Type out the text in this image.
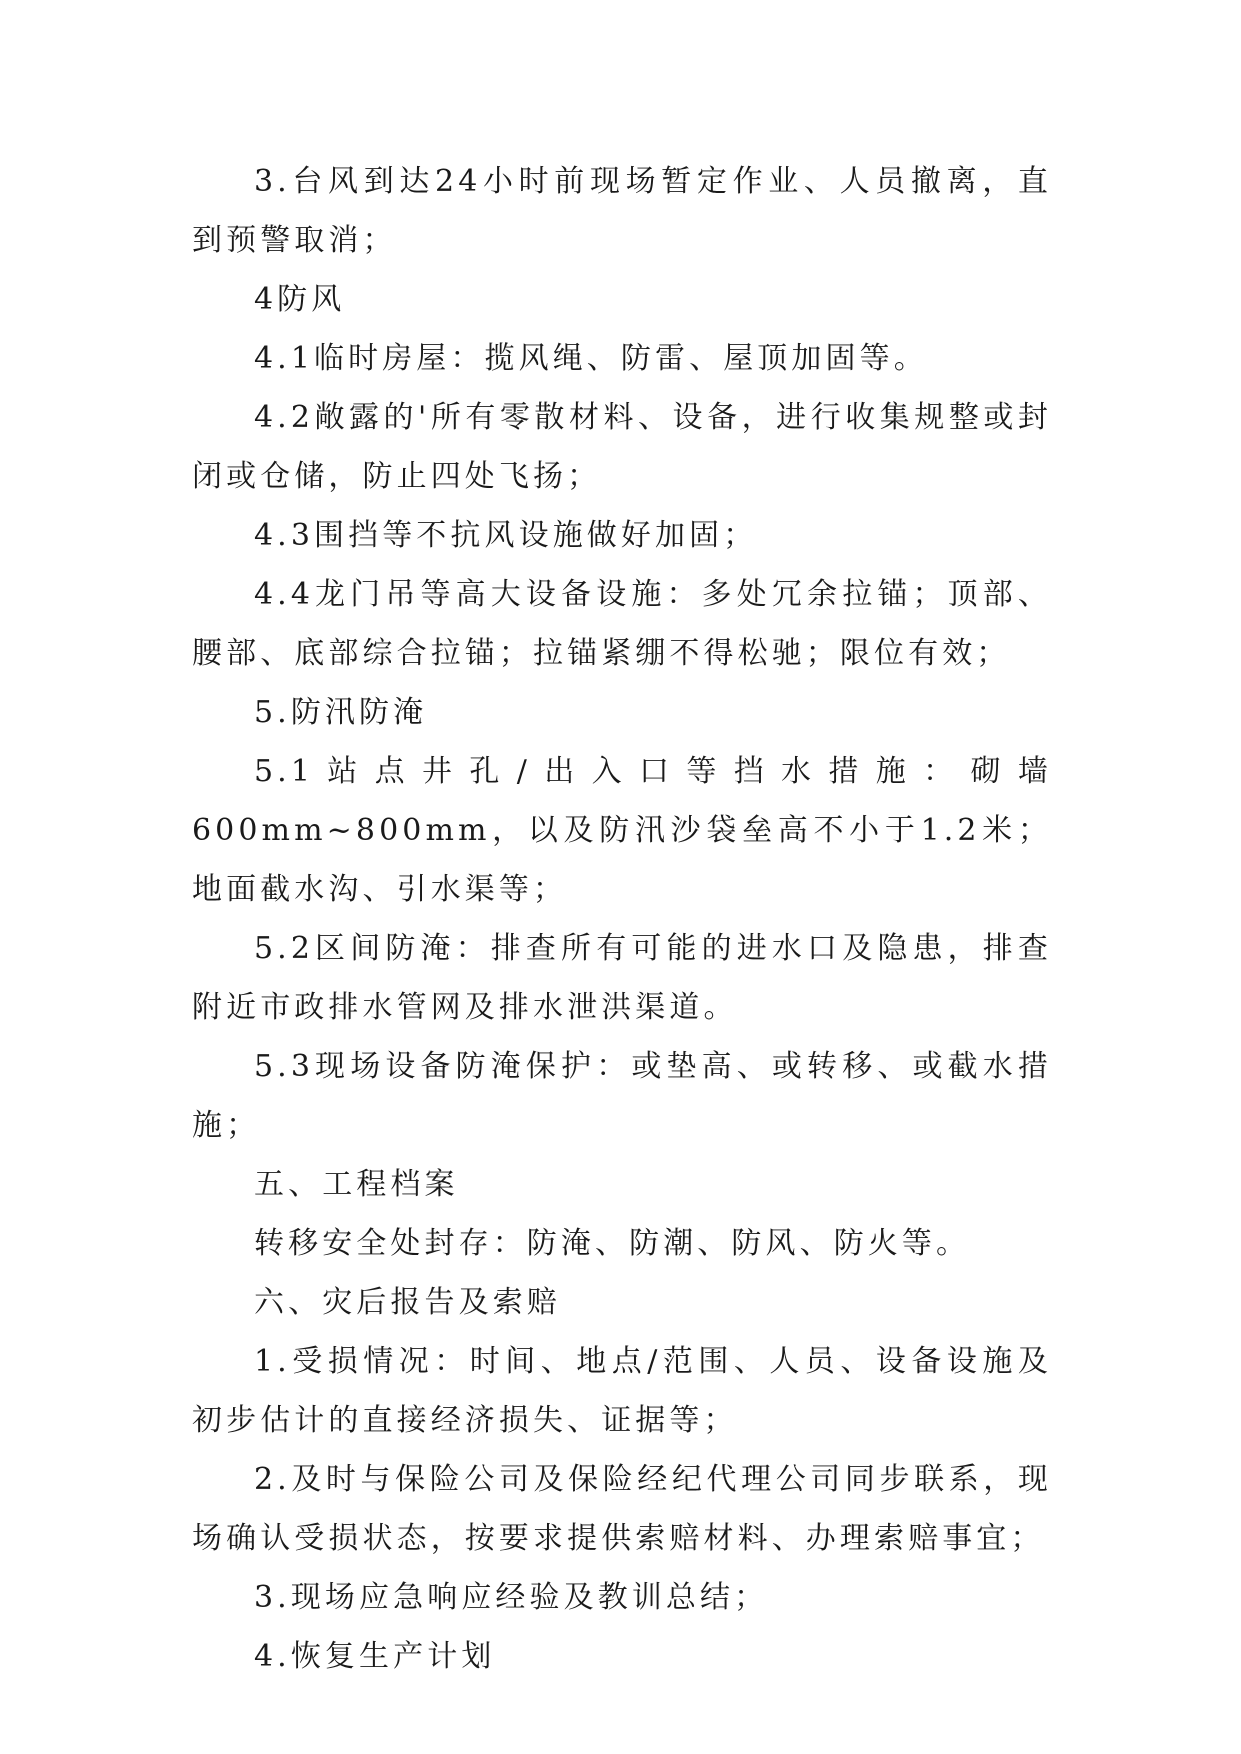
3.台风到达24小时前现场暂定作业、人员撤离，直到预警取消；

4防风

4.1临时房屋：揽风绳、防雷、屋顶加固等。

4.2敞露的'所有零散材料、设备，进行收集规整或封闭或仓储，防止四处飞扬；

4.3围挡等不抗风设施做好加固；

4.4龙门吊等高大设备设施：多处冗余拉锚；顶部、腰部、底部综合拉锚；拉锚紧绷不得松驰；限位有效；

5.防汛防淹

5.1站点井孔/出入口等挡水措施：砌墙600mm~800mm，以及防汛沙袋垒高不小于1.2米；地面截水沟、引水渠等；

5.2区间防淹：排查所有可能的进水口及隐患，排查附近市政排水管网及排水泄洪渠道。

5.3现场设备防淹保护：或垫高、或转移、或截水措施；

五、工程档案

转移安全处封存：防淹、防潮、防风、防火等。

六、灾后报告及索赔

1.受损情况：时间、地点/范围、人员、设备设施及初步估计的直接经济损失、证据等；

2.及时与保险公司及保险经纪代理公司同步联系，现场确认受损状态，按要求提供索赔材料、办理索赔事宜；

3.现场应急响应经验及教训总结；

4.恢复生产计划
